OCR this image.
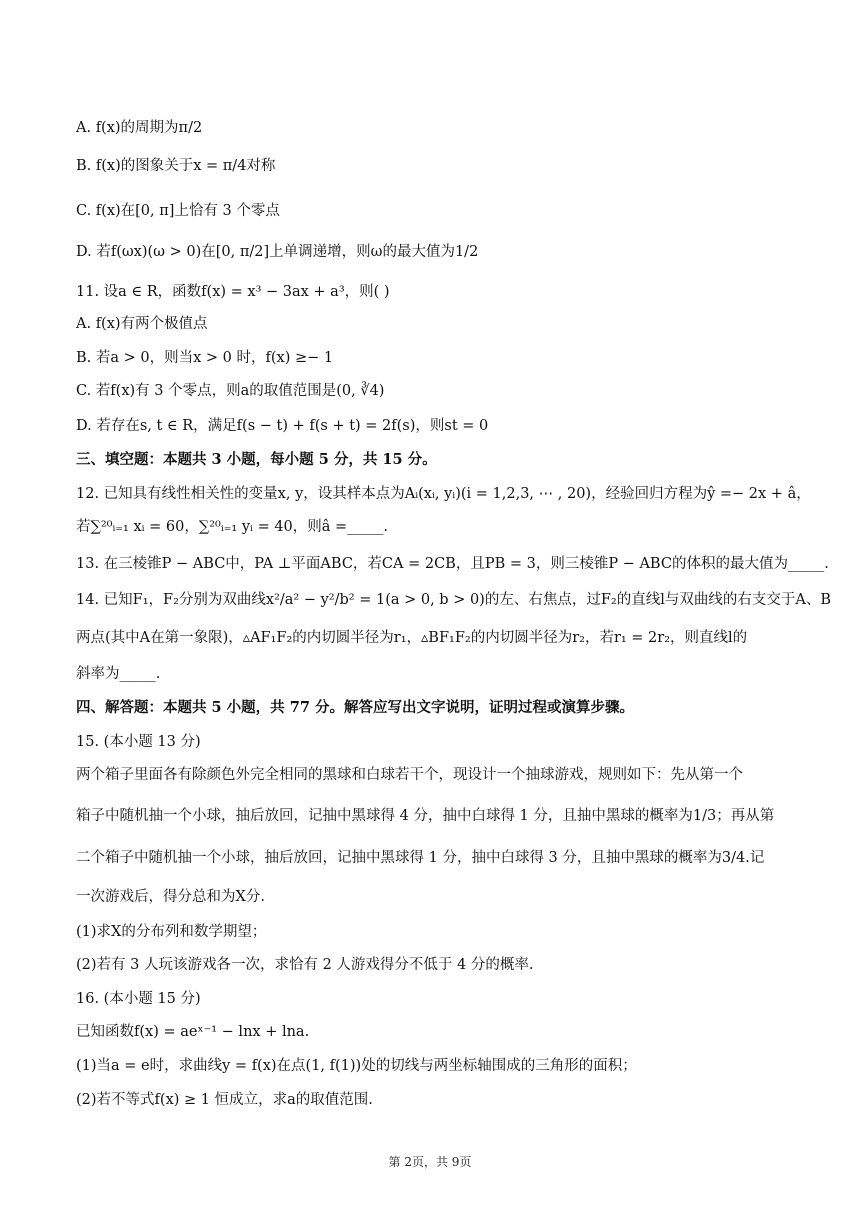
A. f(x)的周期为π/2
B. f(x)的图象关于x = π/4对称
C. f(x)在[0, π]上恰有 3 个零点
D. 若f(ωx)(ω > 0)在[0, π/2]上单调递增，则ω的最大值为1/2
11. 设a ∈ R，函数f(x) = x³ − 3ax + a³，则( )
A. f(x)有两个极值点
B. 若a > 0，则当x > 0 时，f(x) ≥− 1
C. 若f(x)有 3 个零点，则a的取值范围是(0, ∛4)
D. 若存在s, t ∈ R，满足f(s − t) + f(s + t) = 2f(s)，则st = 0
三、填空题：本题共 3 小题，每小题 5 分，共 15 分。
12. 已知具有线性相关性的变量x, y，设其样本点为Aᵢ(xᵢ, yᵢ)(i = 1,2,3, ⋯ , 20)，经验回归方程为ŷ =− 2x + â，
若∑²⁰ᵢ₌₁ xᵢ = 60，∑²⁰ᵢ₌₁ yᵢ = 40，则â =_____.
13. 在三棱锥P − ABC中，PA ⊥平面ABC，若CA = 2CB，且PB = 3，则三棱锥P − ABC的体积的最大值为_____.
14. 已知F₁，F₂分别为双曲线x²/a² − y²/b² = 1(a > 0, b > 0)的左、右焦点，过F₂的直线l与双曲线的右支交于A、B
两点(其中A在第一象限)，▵AF₁F₂的内切圆半径为r₁，▵BF₁F₂的内切圆半径为r₂，若r₁ = 2r₂，则直线l的
斜率为_____.
四、解答题：本题共 5 小题，共 77 分。解答应写出文字说明，证明过程或演算步骤。
15. (本小题 13 分)
两个箱子里面各有除颜色外完全相同的黑球和白球若干个，现设计一个抽球游戏，规则如下：先从第一个
箱子中随机抽一个小球，抽后放回，记抽中黑球得 4 分，抽中白球得 1 分，且抽中黑球的概率为1/3；再从第
二个箱子中随机抽一个小球，抽后放回，记抽中黑球得 1 分，抽中白球得 3 分，且抽中黑球的概率为3/4.记
一次游戏后，得分总和为X分.
(1)求X的分布列和数学期望；
(2)若有 3 人玩该游戏各一次，求恰有 2 人游戏得分不低于 4 分的概率.
16. (本小题 15 分)
已知函数f(x) = aeˣ⁻¹ − lnx + lna.
(1)当a = e时，求曲线y = f(x)在点(1, f(1))处的切线与两坐标轴围成的三角形的面积；
(2)若不等式f(x) ≥ 1 恒成立，求a的取值范围.
第 2页，共 9页
